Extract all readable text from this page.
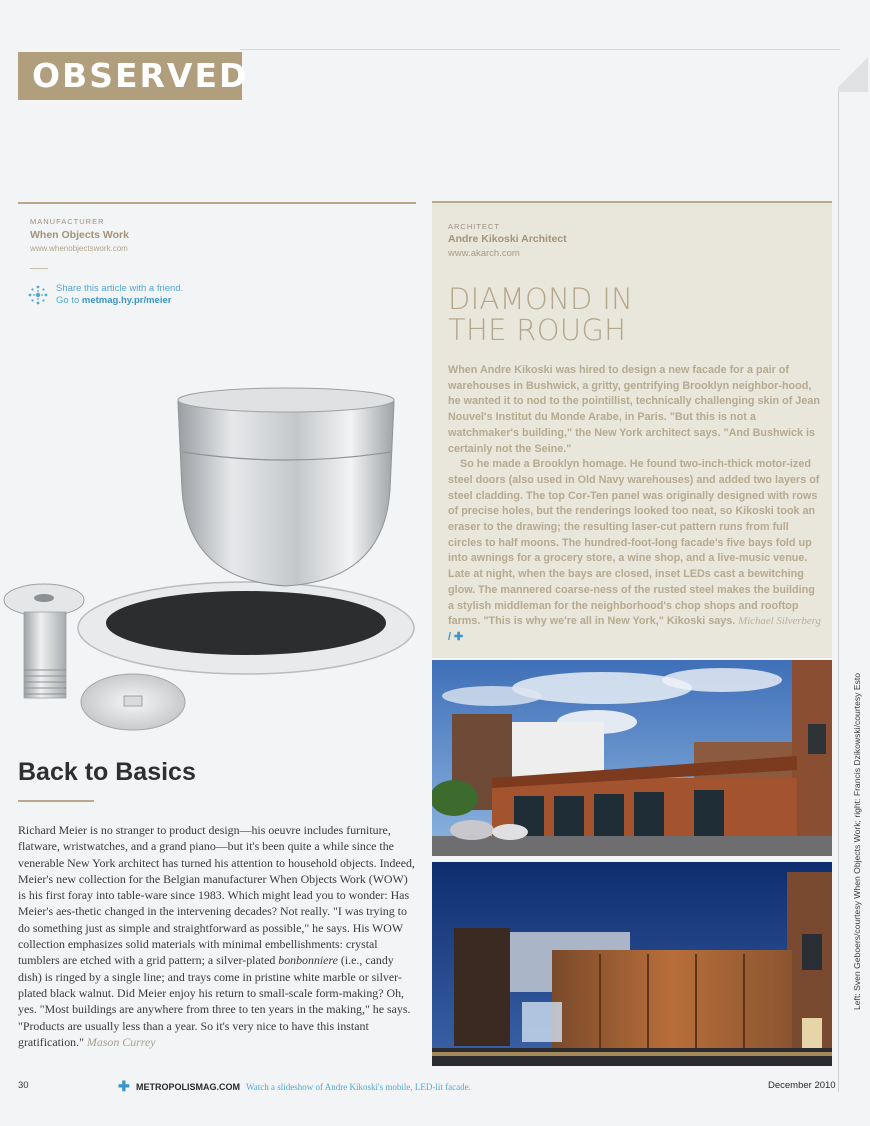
OBSERVED
MANUFACTURER
When Objects Work
www.whenobjectswork.com
Share this article with a friend.
Go to metmag.hy.pr/meier
ARCHITECT
Andre Kikoski Architect
www.akarch.com
DIAMOND IN
THE ROUGH

When Andre Kikoski was hired to design a new facade for a pair of warehouses in Bushwick, a gritty, gentrifying Brooklyn neighbor-hood, he wanted it to nod to the pointillist, technically challenging skin of Jean Nouvel's Institut du Monde Arabe, in Paris. "But this is not a watchmaker's building," the New York architect says. "And Bushwick is certainly not the Seine."

So he made a Brooklyn homage. He found two-inch-thick motor-ized steel doors (also used in Old Navy warehouses) and added two layers of steel cladding. The top Cor-Ten panel was originally designed with rows of precise holes, but the renderings looked too neat, so Kikoski took an eraser to the drawing; the resulting laser-cut pattern runs from full circles to half moons. The hundred-foot-long facade's five bays fold up into awnings for a grocery store, a wine shop, and a live-music venue. Late at night, when the bays are closed, inset LEDs cast a bewitching glow. The mannered coarse-ness of the rusted steel makes the building a stylish middleman for the neighborhood's chop shops and rooftop farms. "This is why we're all in New York," Kikoski says. Michael Silverberg / ✚

Back to Basics

Richard Meier is no stranger to product design—his oeuvre includes furniture, flatware, wristwatches, and a grand piano—but it's been quite a while since the venerable New York architect has turned his attention to household objects. Indeed, Meier's new collection for the Belgian manufacturer When Objects Work (WOW) is his first foray into table-ware since 1983. Which might lead you to wonder: Has Meier's aes-thetic changed in the intervening decades? Not really. "I was trying to do something just as simple and straightforward as possible," he says. His WOW collection emphasizes solid materials with minimal embellishments: crystal tumblers are etched with a grid pattern; a silver-plated bonbonniere (i.e., candy dish) is ringed by a single line; and trays come in pristine white marble or silver-plated black walnut. Did Meier enjoy his return to small-scale form-making? Oh, yes. "Most buildings are anywhere from three to ten years in the making," he says. "Products are usually less than a year. So it's very nice to have this instant gratification." Mason Currey

30	✚ METROPOLISMAG.COM Watch a slideshow of Andre Kikoski's mobile, LED-lit facade.	December 2010
Left: Sven Geboers/courtesy When Objects Work; right: Francis Dzikowski/courtesy Esto
